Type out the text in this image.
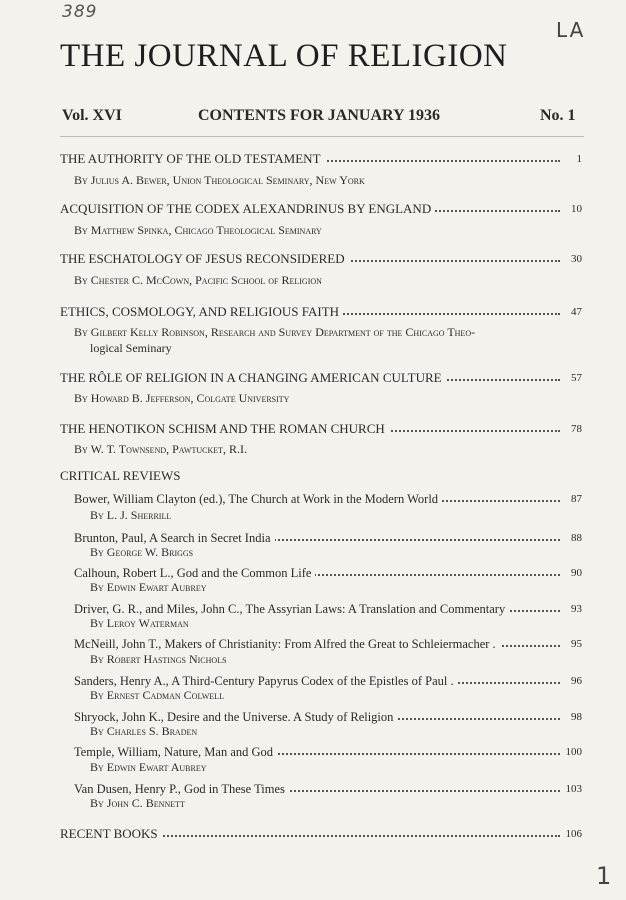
389
LA
THE JOURNAL OF RELIGION
Vol. XVI	CONTENTS FOR JANUARY 1936	No. 1
THE AUTHORITY OF THE OLD TESTAMENT	1
By Julius A. Bewer, Union Theological Seminary, New York
ACQUISITION OF THE CODEX ALEXANDRINUS BY ENGLAND	10
By Matthew Spinka, Chicago Theological Seminary
THE ESCHATOLOGY OF JESUS RECONSIDERED	30
By Chester C. McCown, Pacific School of Religion
ETHICS, COSMOLOGY, AND RELIGIOUS FAITH	47
By Gilbert Kelly Robinson, Research and Survey Department of the Chicago Theo-
logical Seminary
THE RÔLE OF RELIGION IN A CHANGING AMERICAN CULTURE	57
By Howard B. Jefferson, Colgate University
THE HENOTIKON SCHISM AND THE ROMAN CHURCH	78
By W. T. Townsend, Pawtucket, R.I.
CRITICAL REVIEWS
Bower, William Clayton (ed.), The Church at Work in the Modern World	87
By L. J. Sherrill
Brunton, Paul, A Search in Secret India	88
By George W. Briggs
Calhoun, Robert L., God and the Common Life	90
By Edwin Ewart Aubrey
Driver, G. R., and Miles, John C., The Assyrian Laws: A Translation and Commentary	93
By Leroy Waterman
McNeill, John T., Makers of Christianity: From Alfred the Great to Schleiermacher .	95
By Robert Hastings Nichols
Sanders, Henry A., A Third-Century Papyrus Codex of the Epistles of Paul .	96
By Ernest Cadman Colwell
Shryock, John K., Desire and the Universe. A Study of Religion	98
By Charles S. Braden
Temple, William, Nature, Man and God	100
By Edwin Ewart Aubrey
Van Dusen, Henry P., God in These Times	103
By John C. Bennett
RECENT BOOKS	106
1
